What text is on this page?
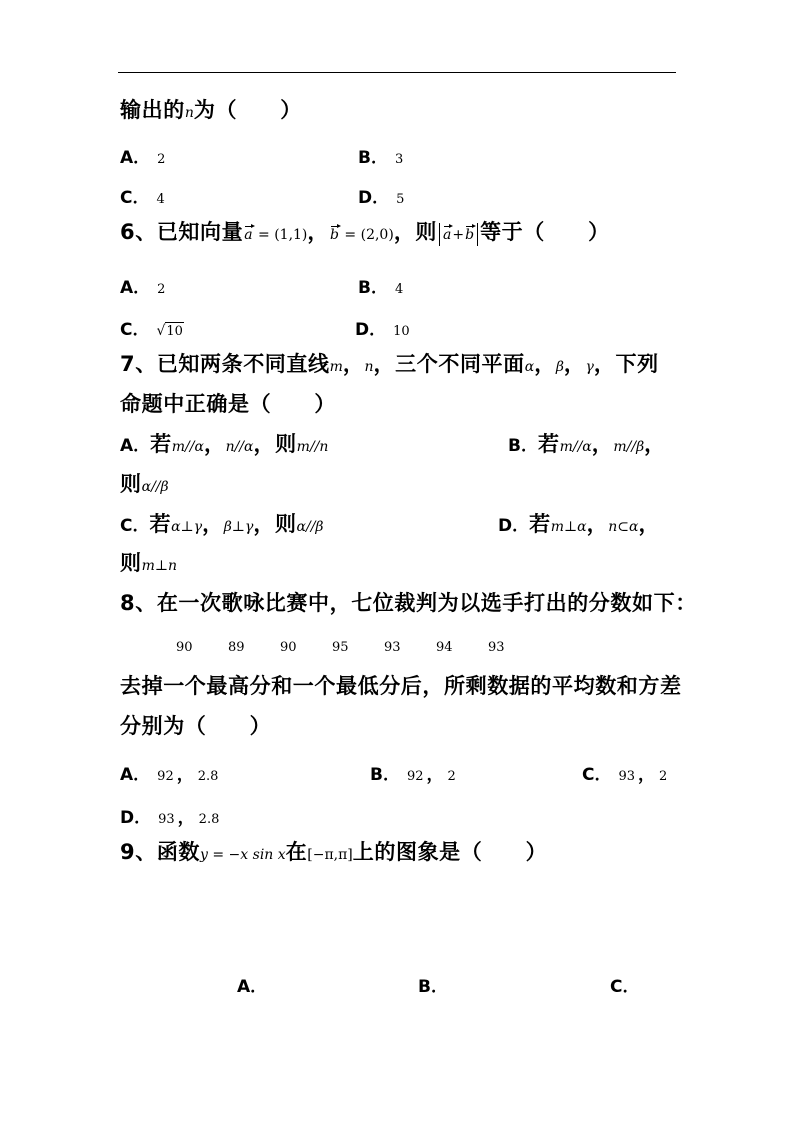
输出的 n 为（　　）
A． 2	B． 3
C． 4	D． 5
6、 已知向量 a = (1,1) ， b = (2,0) ，则 a + b 等于（　　）
A． 2	B． 4
C． √ 10	D． 10
7、 已知两条不同直线 m ， n ，三个不同平面 α ， β ， γ ，下列
命题中正确是（　　）
A． 若 m//α ， n//α ，则 m//n	B． 若 m//α ， m//β ，
则 α//β
C． 若 α⊥γ ， β⊥γ ，则 α//β	D． 若 m⊥α ， n⊂α ，
则 m⊥n
8、 在一次歌咏比赛中，七位裁判为以选手打出的分数如下：
90	89	90	95	93	94	93
去掉一个最高分和一个最低分后，所剩数据的平均数和方差
分别为（　　）
A． 92 ， 2.8	B． 92 ， 2	C． 93 ， 2
D． 93 ， 2.8
9、 函数 y = −x sin x 在 [−π,π] 上的图象是（　　）
A．	B．	C．
